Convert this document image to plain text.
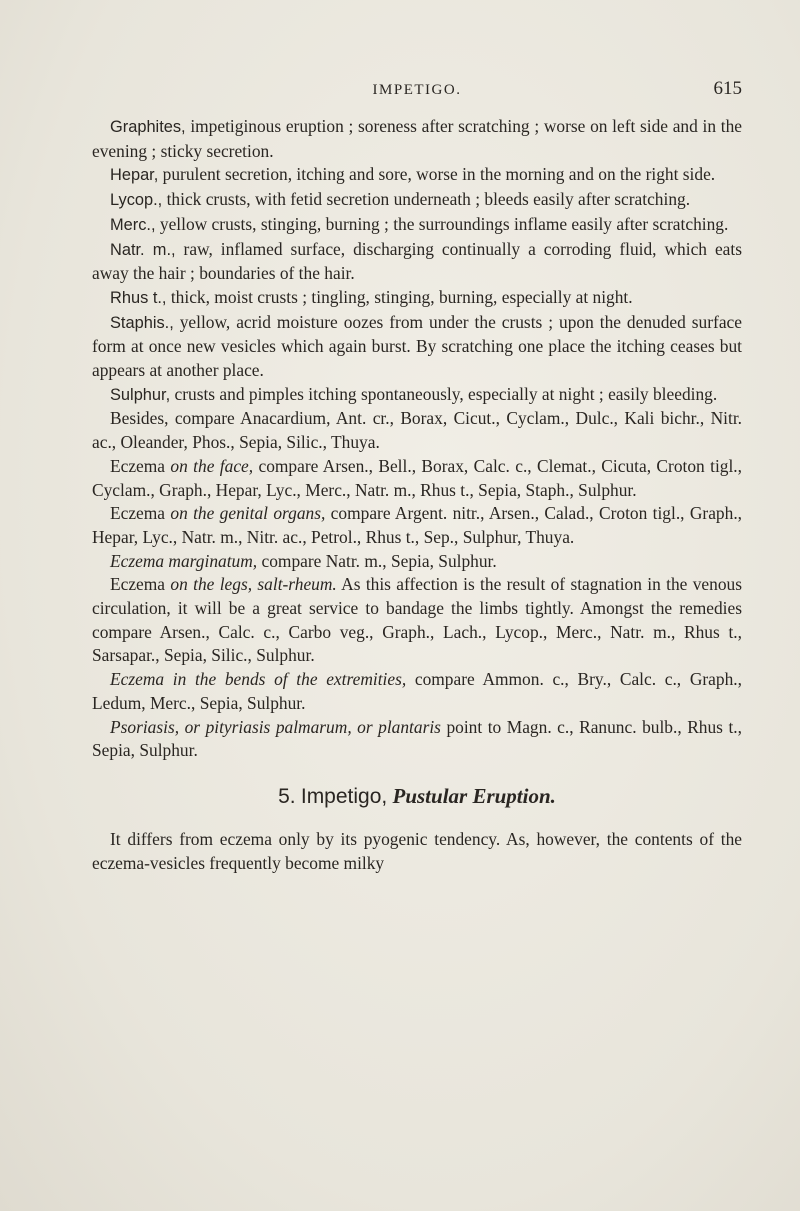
IMPETIGO.	615

Graphites, impetiginous eruption ; soreness after scratching ; worse on left side and in the evening ; sticky secretion.

Hepar, purulent secretion, itching and sore, worse in the morning and on the right side.

Lycop., thick crusts, with fetid secretion underneath ; bleeds easily after scratching.

Merc., yellow crusts, stinging, burning ; the surroundings inflame easily after scratching.

Natr. m., raw, inflamed surface, discharging continually a corroding fluid, which eats away the hair ; boundaries of the hair.

Rhus t., thick, moist crusts ; tingling, stinging, burning, especially at night.

Staphis., yellow, acrid moisture oozes from under the crusts ; upon the denuded surface form at once new vesicles which again burst. By scratching one place the itching ceases but appears at another place.

Sulphur, crusts and pimples itching spontaneously, especially at night ; easily bleeding.

Besides, compare Anacardium, Ant. cr., Borax, Cicut., Cyclam., Dulc., Kali bichr., Nitr. ac., Oleander, Phos., Sepia, Silic., Thuya.

Eczema on the face, compare Arsen., Bell., Borax, Calc. c., Clemat., Cicuta, Croton tigl., Cyclam., Graph., Hepar, Lyc., Merc., Natr. m., Rhus t., Sepia, Staph., Sulphur.

Eczema on the genital organs, compare Argent. nitr., Arsen., Calad., Croton tigl., Graph., Hepar, Lyc., Natr. m., Nitr. ac., Petrol., Rhus t., Sep., Sulphur, Thuya.

Eczema marginatum, compare Natr. m., Sepia, Sulphur.

Eczema on the legs, salt-rheum. As this affection is the result of stagnation in the venous circulation, it will be a great service to bandage the limbs tightly. Amongst the remedies compare Arsen., Calc. c., Carbo veg., Graph., Lach., Lycop., Merc., Natr. m., Rhus t., Sarsapar., Sepia, Silic., Sulphur.

Eczema in the bends of the extremities, compare Ammon. c., Bry., Calc. c., Graph., Ledum, Merc., Sepia, Sulphur.

Psoriasis, or pityriasis palmarum, or plantaris point to Magn. c., Ranunc. bulb., Rhus t., Sepia, Sulphur.

5. Impetigo, Pustular Eruption.

It differs from eczema only by its pyogenic tendency. As, however, the contents of the eczema-vesicles frequently become milky
